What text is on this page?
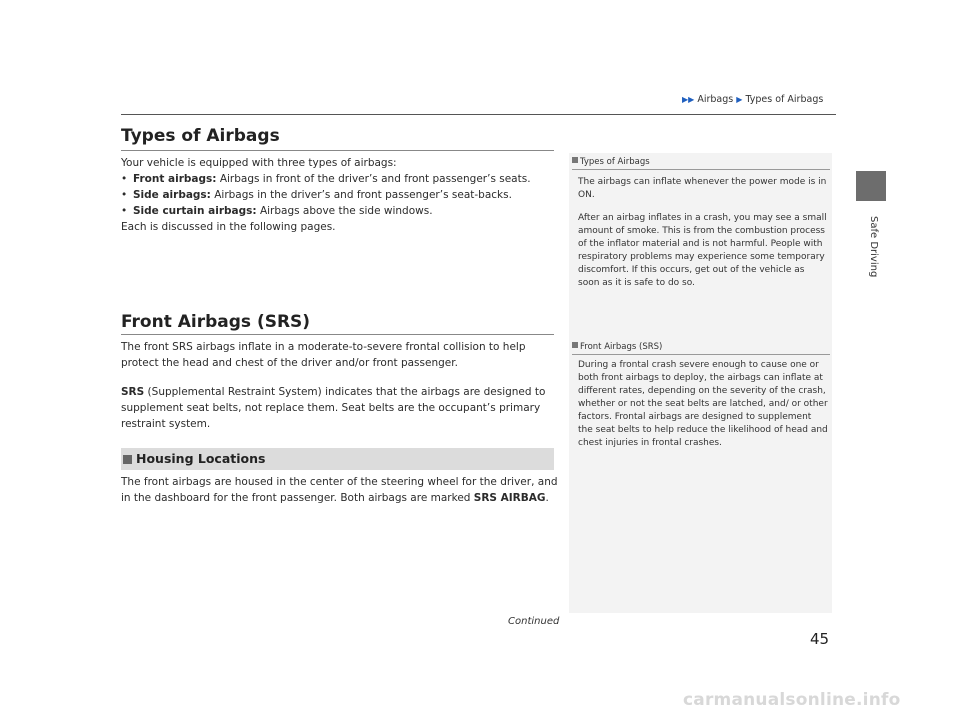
▶▶ Airbags ▶ Types of Airbags
Safe Driving
Types of Airbags
Your vehicle is equipped with three types of airbags:
• Front airbags: Airbags in front of the driver’s and front passenger’s seats.
• Side airbags: Airbags in the driver’s and front passenger’s seat-backs.
• Side curtain airbags: Airbags above the side windows.
Each is discussed in the following pages.
Front Airbags (SRS)
The front SRS airbags inflate in a moderate-to-severe frontal collision to help protect the head and chest of the driver and/or front passenger.
SRS (Supplemental Restraint System) indicates that the airbags are designed to supplement seat belts, not replace them. Seat belts are the occupant’s primary restraint system.
Housing Locations
The front airbags are housed in the center of the steering wheel for the driver, and in the dashboard for the front passenger. Both airbags are marked SRS AIRBAG.
Types of Airbags
The airbags can inflate whenever the power mode is in ON.
After an airbag inflates in a crash, you may see a small amount of smoke. This is from the combustion process of the inflator material and is not harmful. People with respiratory problems may experience some temporary discomfort. If this occurs, get out of the vehicle as soon as it is safe to do so.
Front Airbags (SRS)
During a frontal crash severe enough to cause one or both front airbags to deploy, the airbags can inflate at different rates, depending on the severity of the crash, whether or not the seat belts are latched, and/ or other factors. Frontal airbags are designed to supplement the seat belts to help reduce the likelihood of head and chest injuries in frontal crashes.
Continued
45
carmanualsonline.info
